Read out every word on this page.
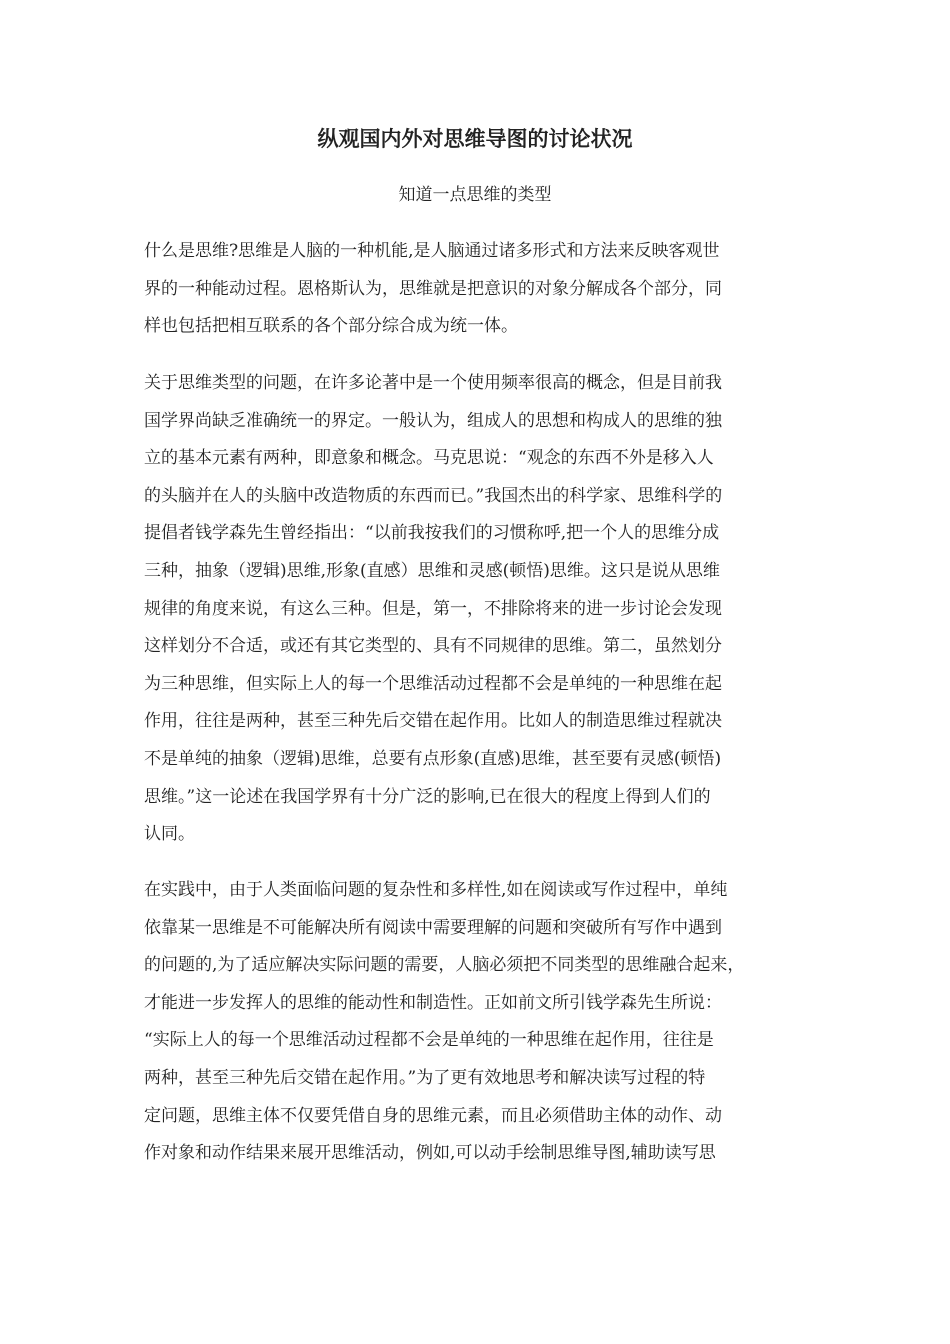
纵观国内外对思维导图的讨论状况
知道一点思维的类型
什么是思维?思维是人脑的一种机能,是人脑通过诸多形式和方法来反映客观世
界的一种能动过程。恩格斯认为，思维就是把意识的对象分解成各个部分，同
样也包括把相互联系的各个部分综合成为统一体。
关于思维类型的问题，在许多论著中是一个使用频率很高的概念，但是目前我
国学界尚缺乏准确统一的界定。一般认为，组成人的思想和构成人的思维的独
立的基本元素有两种，即意象和概念。马克思说：“观念的东西不外是移入人
的头脑并在人的头脑中改造物质的东西而已。”我国杰出的科学家、思维科学的
提倡者钱学森先生曾经指出：“以前我按我们的习惯称呼,把一个人的思维分成
三种，抽象（逻辑)思维,形象(直感）思维和灵感(顿悟)思维。这只是说从思维
规律的角度来说，有这么三种。但是，第一，不排除将来的进一步讨论会发现
这样划分不合适，或还有其它类型的、具有不同规律的思维。第二，虽然划分
为三种思维，但实际上人的每一个思维活动过程都不会是单纯的一种思维在起
作用，往往是两种，甚至三种先后交错在起作用。比如人的制造思维过程就决
不是单纯的抽象（逻辑)思维，总要有点形象(直感)思维，甚至要有灵感(顿悟)
思维。”这一论述在我国学界有十分广泛的影响,已在很大的程度上得到人们的
认同。
在实践中，由于人类面临问题的复杂性和多样性,如在阅读或写作过程中，单纯
依靠某一思维是不可能解决所有阅读中需要理解的问题和突破所有写作中遇到
的问题的,为了适应解决实际问题的需要，人脑必须把不同类型的思维融合起来，
才能进一步发挥人的思维的能动性和制造性。正如前文所引钱学森先生所说：
“实际上人的每一个思维活动过程都不会是单纯的一种思维在起作用，往往是
两种，甚至三种先后交错在起作用。”为了更有效地思考和解决读写过程的特
定问题，思维主体不仅要凭借自身的思维元素，而且必须借助主体的动作、动
作对象和动作结果来展开思维活动，例如,可以动手绘制思维导图,辅助读写思
